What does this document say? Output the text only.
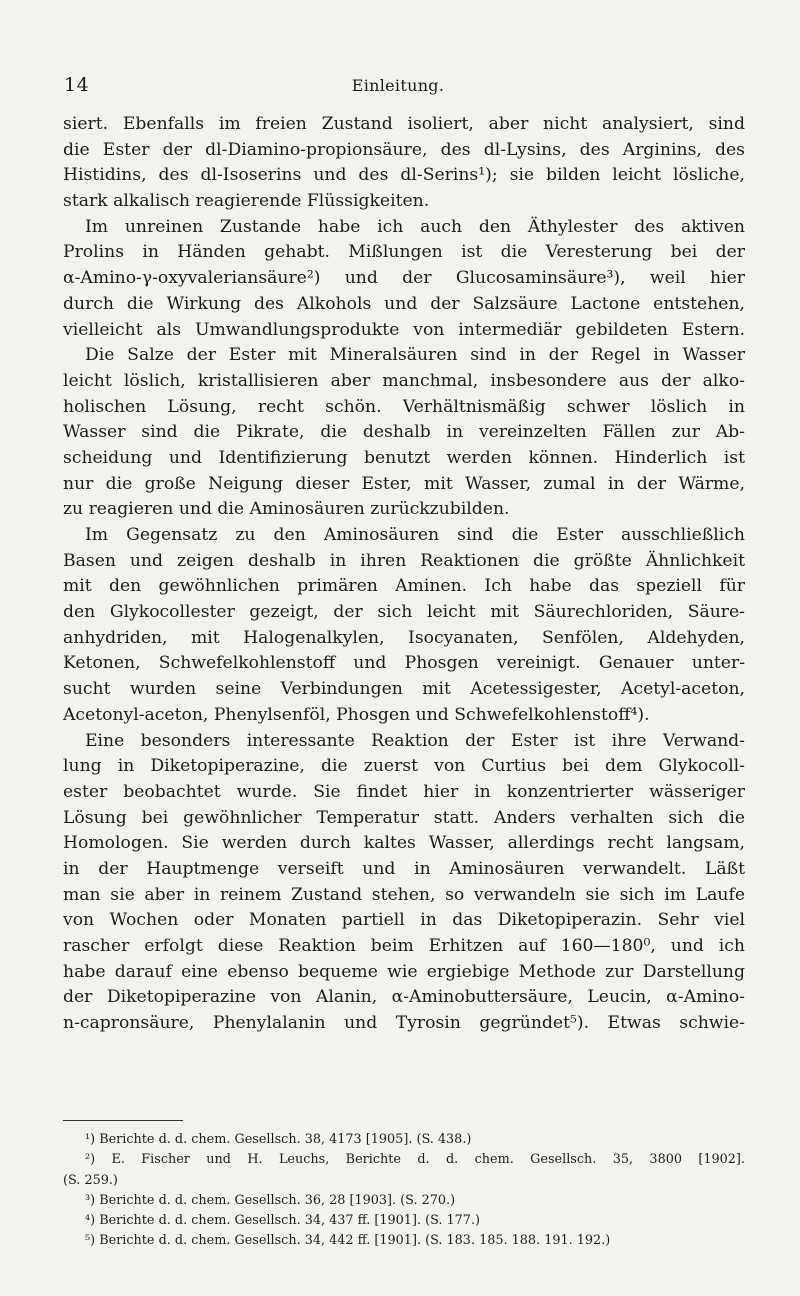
14	Einleitung.
siert. Ebenfalls im freien Zustand isoliert, aber nicht analysiert, sind
die Ester der dl-Diamino-propionsäure, des dl-Lysins, des Arginins, des
Histidins, des dl-Isoserins und des dl-Serins¹); sie bilden leicht lösliche,
stark alkalisch reagierende Flüssigkeiten.
Im unreinen Zustande habe ich auch den Äthylester des aktiven
Prolins in Händen gehabt. Mißlungen ist die Veresterung bei der
α-Amino-γ-oxyvaleriansäure²) und der Glucosaminsäure³), weil hier
durch die Wirkung des Alkohols und der Salzsäure Lactone entstehen,
vielleicht als Umwandlungsprodukte von intermediär gebildeten Estern.
Die Salze der Ester mit Mineralsäuren sind in der Regel in Wasser
leicht löslich, kristallisieren aber manchmal, insbesondere aus der alko-
holischen Lösung, recht schön. Verhältnismäßig schwer löslich in
Wasser sind die Pikrate, die deshalb in vereinzelten Fällen zur Ab-
scheidung und Identifizierung benutzt werden können. Hinderlich ist
nur die große Neigung dieser Ester, mit Wasser, zumal in der Wärme,
zu reagieren und die Aminosäuren zurückzubilden.
Im Gegensatz zu den Aminosäuren sind die Ester ausschließlich
Basen und zeigen deshalb in ihren Reaktionen die größte Ähnlichkeit
mit den gewöhnlichen primären Aminen. Ich habe das speziell für
den Glykocollester gezeigt, der sich leicht mit Säurechloriden, Säure-
anhydriden, mit Halogenalkylen, Isocyanaten, Senfölen, Aldehyden,
Ketonen, Schwefelkohlenstoff und Phosgen vereinigt. Genauer unter-
sucht wurden seine Verbindungen mit Acetessigester, Acetyl-aceton,
Acetonyl-aceton, Phenylsenföl, Phosgen und Schwefelkohlenstoff⁴).
Eine besonders interessante Reaktion der Ester ist ihre Verwand-
lung in Diketopiperazine, die zuerst von Curtius bei dem Glykocoll-
ester beobachtet wurde. Sie findet hier in konzentrierter wässeriger
Lösung bei gewöhnlicher Temperatur statt. Anders verhalten sich die
Homologen. Sie werden durch kaltes Wasser, allerdings recht langsam,
in der Hauptmenge verseift und in Aminosäuren verwandelt. Läßt
man sie aber in reinem Zustand stehen, so verwandeln sie sich im Laufe
von Wochen oder Monaten partiell in das Diketopiperazin. Sehr viel
rascher erfolgt diese Reaktion beim Erhitzen auf 160—180⁰, und ich
habe darauf eine ebenso bequeme wie ergiebige Methode zur Darstellung
der Diketopiperazine von Alanin, α-Aminobuttersäure, Leucin, α-Amino-
n-capronsäure, Phenylalanin und Tyrosin gegründet⁵). Etwas schwie-
¹) Berichte d. d. chem. Gesellsch. 38, 4173 [1905]. (S. 438.)
²) E. Fischer und H. Leuchs, Berichte d. d. chem. Gesellsch. 35, 3800 [1902].
(S. 259.)
³) Berichte d. d. chem. Gesellsch. 36, 28 [1903]. (S. 270.)
⁴) Berichte d. d. chem. Gesellsch. 34, 437 ff. [1901]. (S. 177.)
⁵) Berichte d. d. chem. Gesellsch. 34, 442 ff. [1901]. (S. 183. 185. 188. 191. 192.)
